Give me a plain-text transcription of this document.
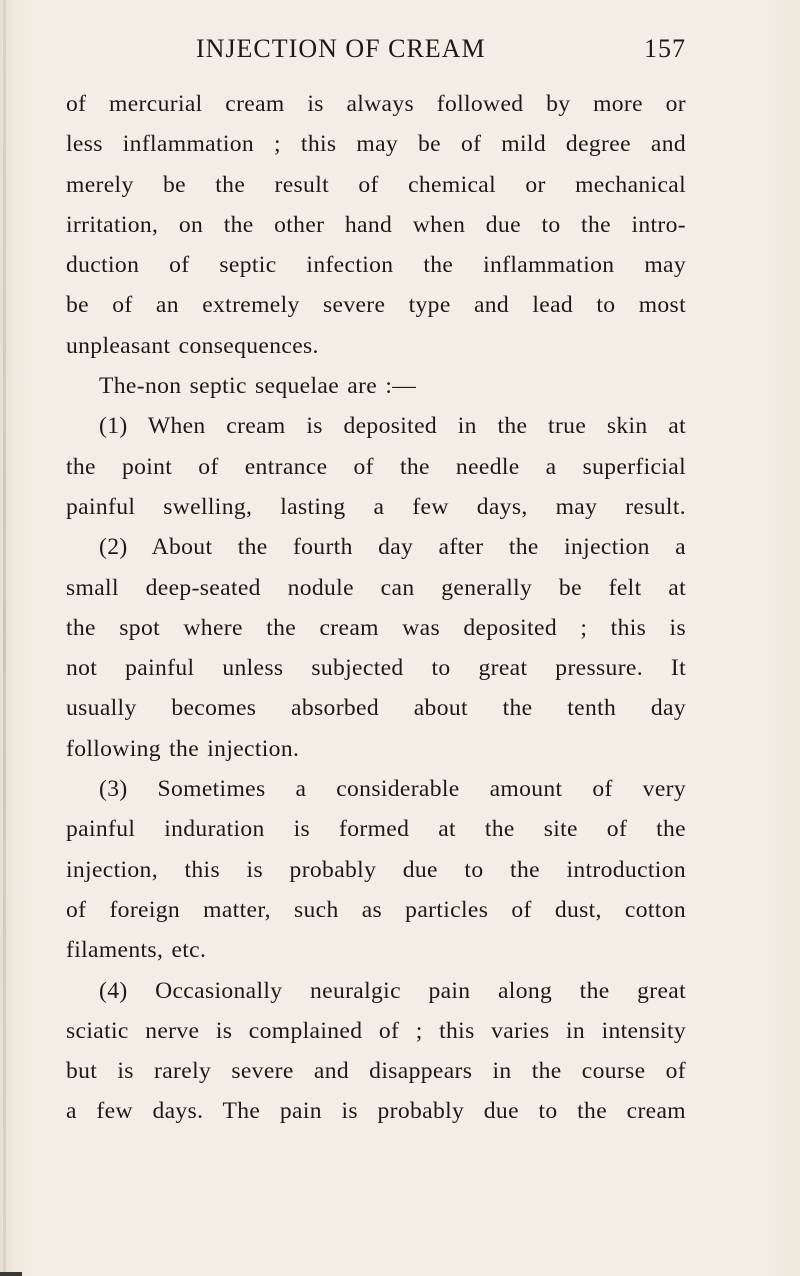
INJECTION OF CREAM	157
of mercurial cream is always followed by more or
less inflammation ; this may be of mild degree and
merely be the result of chemical or mechanical
irritation, on the other hand when due to the intro-
duction of septic infection the inflammation may
be of an extremely severe type and lead to most
unpleasant consequences.
The-non septic sequelae are :—
(1) When cream is deposited in the true skin at
the point of entrance of the needle a superficial
painful swelling, lasting a few days, may result.
(2) About the fourth day after the injection a
small deep-seated nodule can generally be felt at
the spot where the cream was deposited ; this is
not painful unless subjected to great pressure. It
usually becomes absorbed about the tenth day
following the injection.
(3) Sometimes a considerable amount of very
painful induration is formed at the site of the
injection, this is probably due to the introduction
of foreign matter, such as particles of dust, cotton
filaments, etc.
(4) Occasionally neuralgic pain along the great
sciatic nerve is complained of ; this varies in intensity
but is rarely severe and disappears in the course of
a few days. The pain is probably due to the cream
